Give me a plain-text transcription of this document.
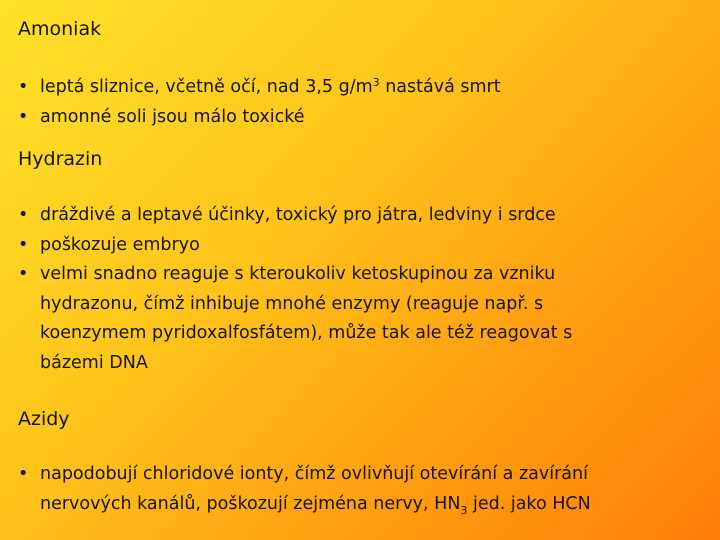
Amoniak
• leptá sliznice, včetně očí, nad 3,5 $g/m^3$ nastává smrt
• amonné soli jsou málo toxické
Hydrazin
• dráždivé a leptavé účinky, toxický pro játra, ledviny i srdce
• poškozuje embryo
• velmi snadno reaguje s kteroukoliv ketoskupinou za vzniku
hydrazonu, čímž inhibuje mnohé enzymy (reaguje např. s
koenzymem pyridoxalfosfátem), může tak ale též reagovat s
bázemi DNA
Azidy
• napodobují chloridové ionty, čímž ovlivňují otevírání a zavírání
nervových kanálů, poškozují zejména nervy, $HN_3$ jed. jako HCN
